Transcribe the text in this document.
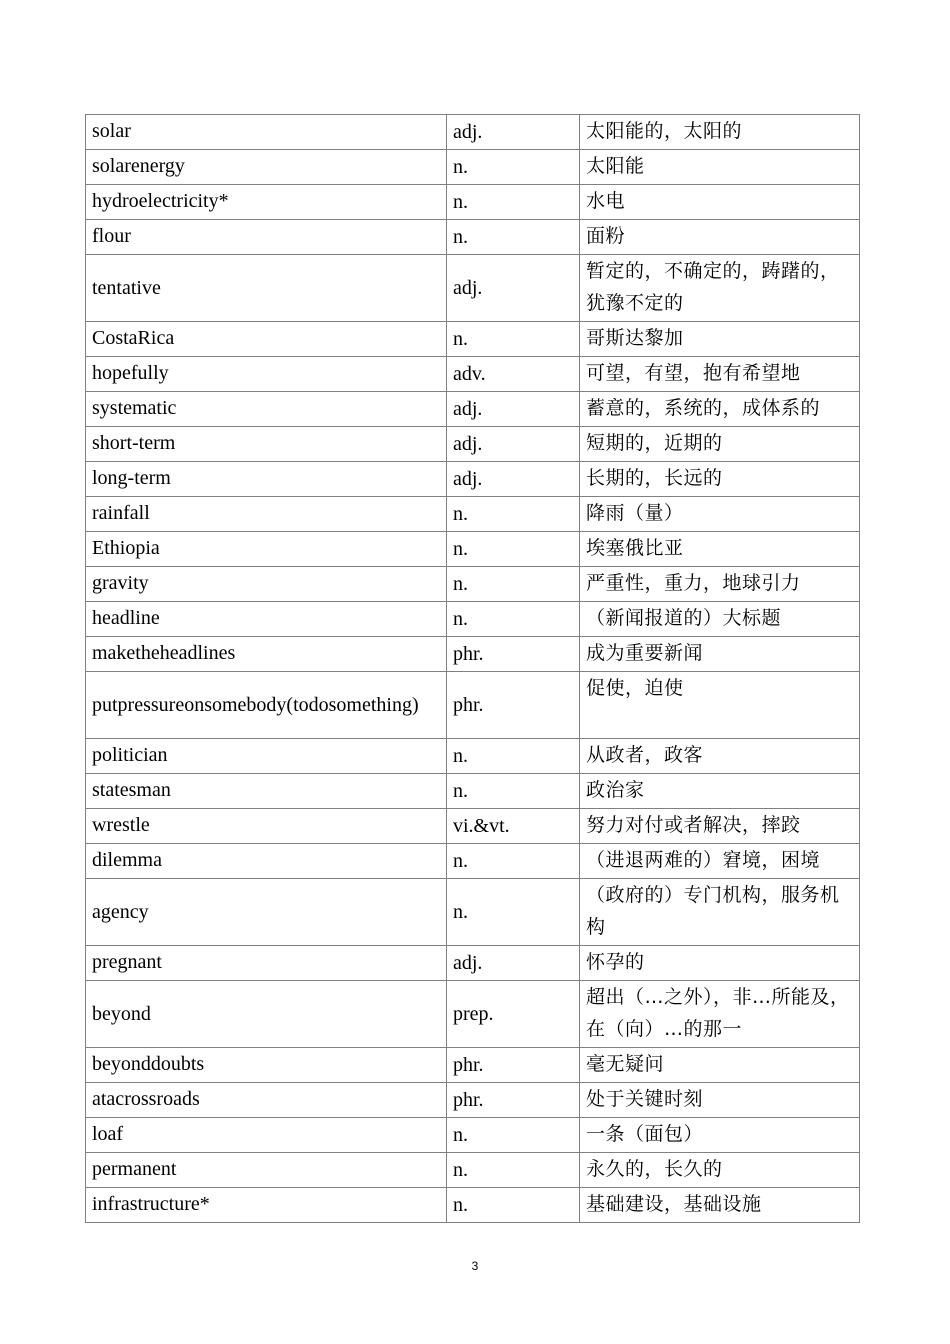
solar	adj.	太阳能的，太阳的

solarenergy	n.	太阳能

hydroelectricity*	n.	水电

flour	n.	面粉

tentative	adj.	暂定的，不确定的，踌躇的，犹豫不定的

CostaRica	n.	哥斯达黎加

hopefully	adv.	可望，有望，抱有希望地

systematic	adj.	蓄意的，系统的，成体系的

short-term	adj.	短期的，近期的

long-term	adj.	长期的，长远的

rainfall	n.	降雨（量）

Ethiopia	n.	埃塞俄比亚

gravity	n.	严重性，重力，地球引力

headline	n.	（新闻报道的）大标题

maketheheadlines	phr.	成为重要新闻

putpressureonsomebody(todosomething)	phr.	促使，迫使

politician	n.	从政者，政客

statesman	n.	政治家

wrestle	vi.&vt.	努力对付或者解决，摔跤

dilemma	n.	（进退两难的）窘境，困境

agency	n.	（政府的）专门机构，服务机构

pregnant	adj.	怀孕的

beyond	prep.	超出（…之外），非…所能及，在（向）…的那一

beyonddoubts	phr.	毫无疑问

atacrossroads	phr.	处于关键时刻

loaf	n.	一条（面包）

permanent	n.	永久的，长久的

infrastructure*	n.	基础建设，基础设施
3
